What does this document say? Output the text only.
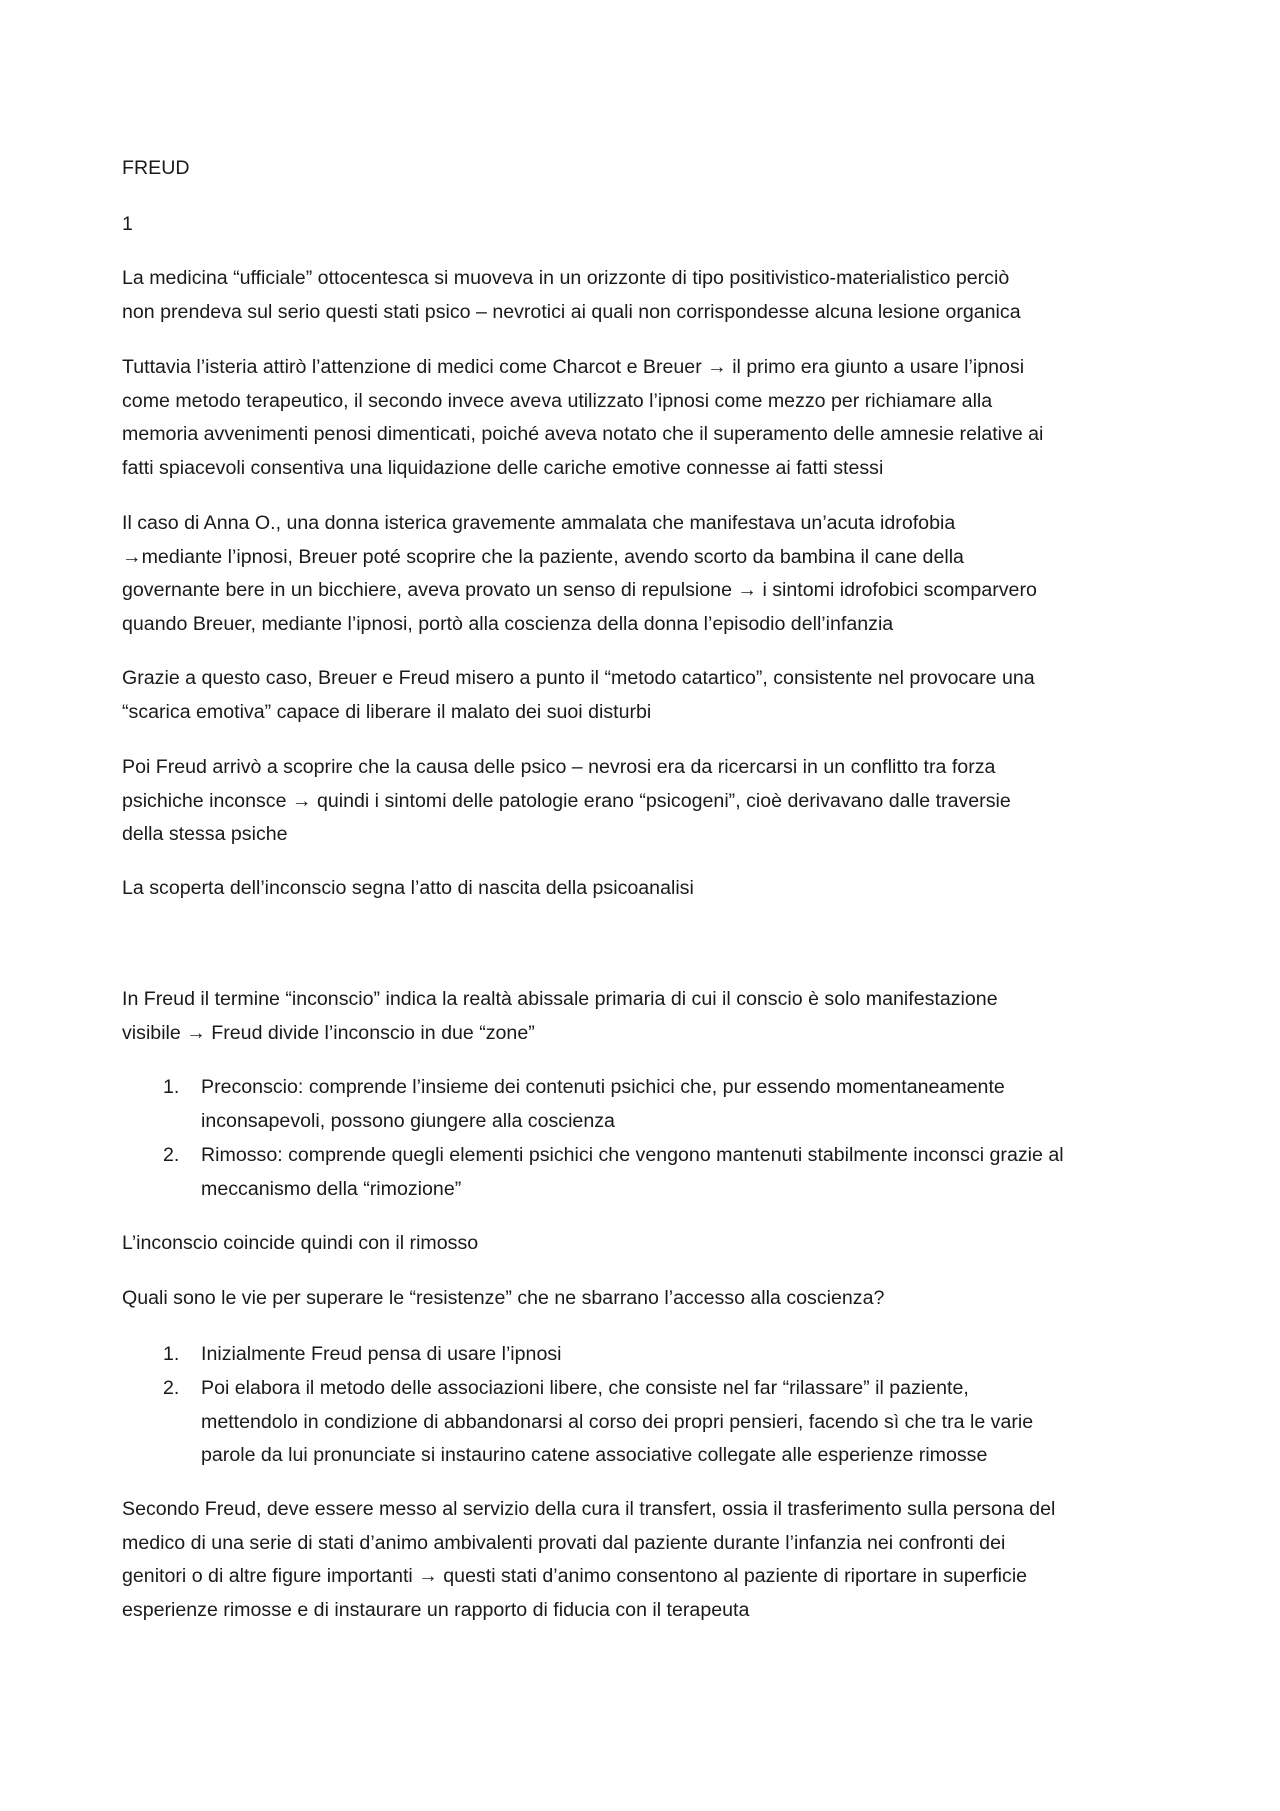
FREUD
1
La medicina “ufficiale” ottocentesca si muoveva in un orizzonte di tipo positivistico-materialistico perciò
non prendeva sul serio questi stati psico – nevrotici ai quali non corrispondesse alcuna lesione organica
Tuttavia l’isteria attirò l’attenzione di medici come Charcot e Breuer → il primo era giunto a usare l’ipnosi
come metodo terapeutico, il secondo invece aveva utilizzato l’ipnosi come mezzo per richiamare alla
memoria avvenimenti penosi dimenticati, poiché aveva notato che il superamento delle amnesie relative ai
fatti spiacevoli consentiva una liquidazione delle cariche emotive connesse ai fatti stessi
Il caso di Anna O., una donna isterica gravemente ammalata che manifestava un’acuta idrofobia
→mediante l’ipnosi, Breuer poté scoprire che la paziente, avendo scorto da bambina il cane della
governante bere in un bicchiere, aveva provato un senso di repulsione → i sintomi idrofobici scomparvero
quando Breuer, mediante l’ipnosi, portò alla coscienza della donna l’episodio dell’infanzia
Grazie a questo caso, Breuer e Freud misero a punto il “metodo catartico”, consistente nel provocare una
“scarica emotiva” capace di liberare il malato dei suoi disturbi
Poi Freud arrivò a scoprire che la causa delle psico – nevrosi era da ricercarsi in un conflitto tra forza
psichiche inconsce → quindi i sintomi delle patologie erano “psicogeni”, cioè derivavano dalle traversie
della stessa psiche
La scoperta dell’inconscio segna l’atto di nascita della psicoanalisi
In Freud il termine “inconscio” indica la realtà abissale primaria di cui il conscio è solo manifestazione
visibile → Freud divide l’inconscio in due “zone”
1. Preconscio: comprende l’insieme dei contenuti psichici che, pur essendo momentaneamente
inconsapevoli, possono giungere alla coscienza
2. Rimosso: comprende quegli elementi psichici che vengono mantenuti stabilmente inconsci grazie al
meccanismo della “rimozione”
L’inconscio coincide quindi con il rimosso
Quali sono le vie per superare le “resistenze” che ne sbarrano l’accesso alla coscienza?
1. Inizialmente Freud pensa di usare l’ipnosi
2. Poi elabora il metodo delle associazioni libere, che consiste nel far “rilassare” il paziente,
mettendolo in condizione di abbandonarsi al corso dei propri pensieri, facendo sì che tra le varie
parole da lui pronunciate si instaurino catene associative collegate alle esperienze rimosse
Secondo Freud, deve essere messo al servizio della cura il transfert, ossia il trasferimento sulla persona del
medico di una serie di stati d’animo ambivalenti provati dal paziente durante l’infanzia nei confronti dei
genitori o di altre figure importanti → questi stati d’animo consentono al paziente di riportare in superficie
esperienze rimosse e di instaurare un rapporto di fiducia con il terapeuta
